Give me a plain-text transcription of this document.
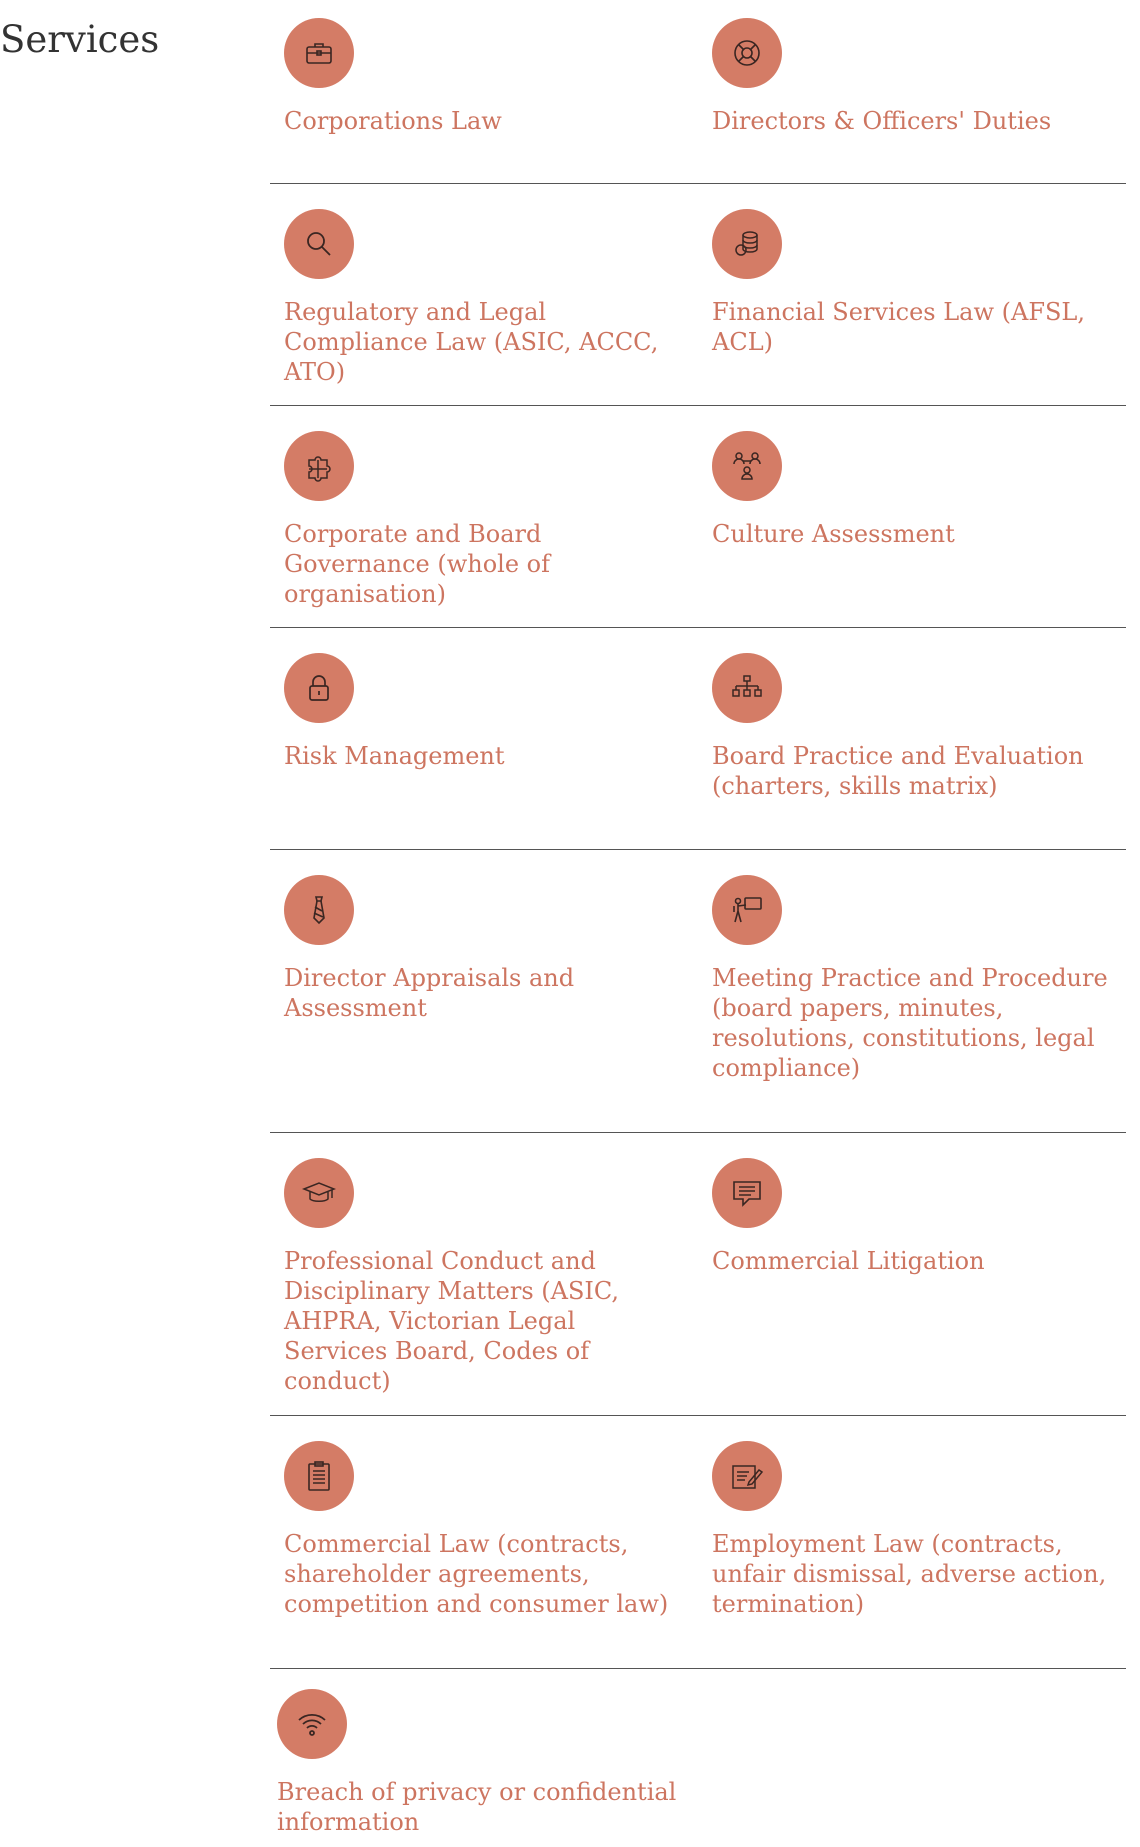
Services
Corporations Law	Directors & Officers' Duties
Regulatory and Legal Compliance Law (ASIC, ACCC, ATO)
Financial Services Law (AFSL, ACL)
Corporate and Board Governance (whole of organisation)
Culture Assessment
Risk Management	Board Practice and Evaluation (charters, skills matrix)
Director Appraisals and Assessment
Meeting Practice and Procedure (board papers, minutes, resolutions, constitutions, legal compliance)
Professional Conduct and Disciplinary Matters (ASIC, AHPRA, Victorian Legal Services Board, Codes of conduct)
Commercial Litigation
Commercial Law (contracts, shareholder agreements, competition and consumer law)
Employment Law (contracts, unfair dismissal, adverse action, termination)
Breach of privacy or confidential information
